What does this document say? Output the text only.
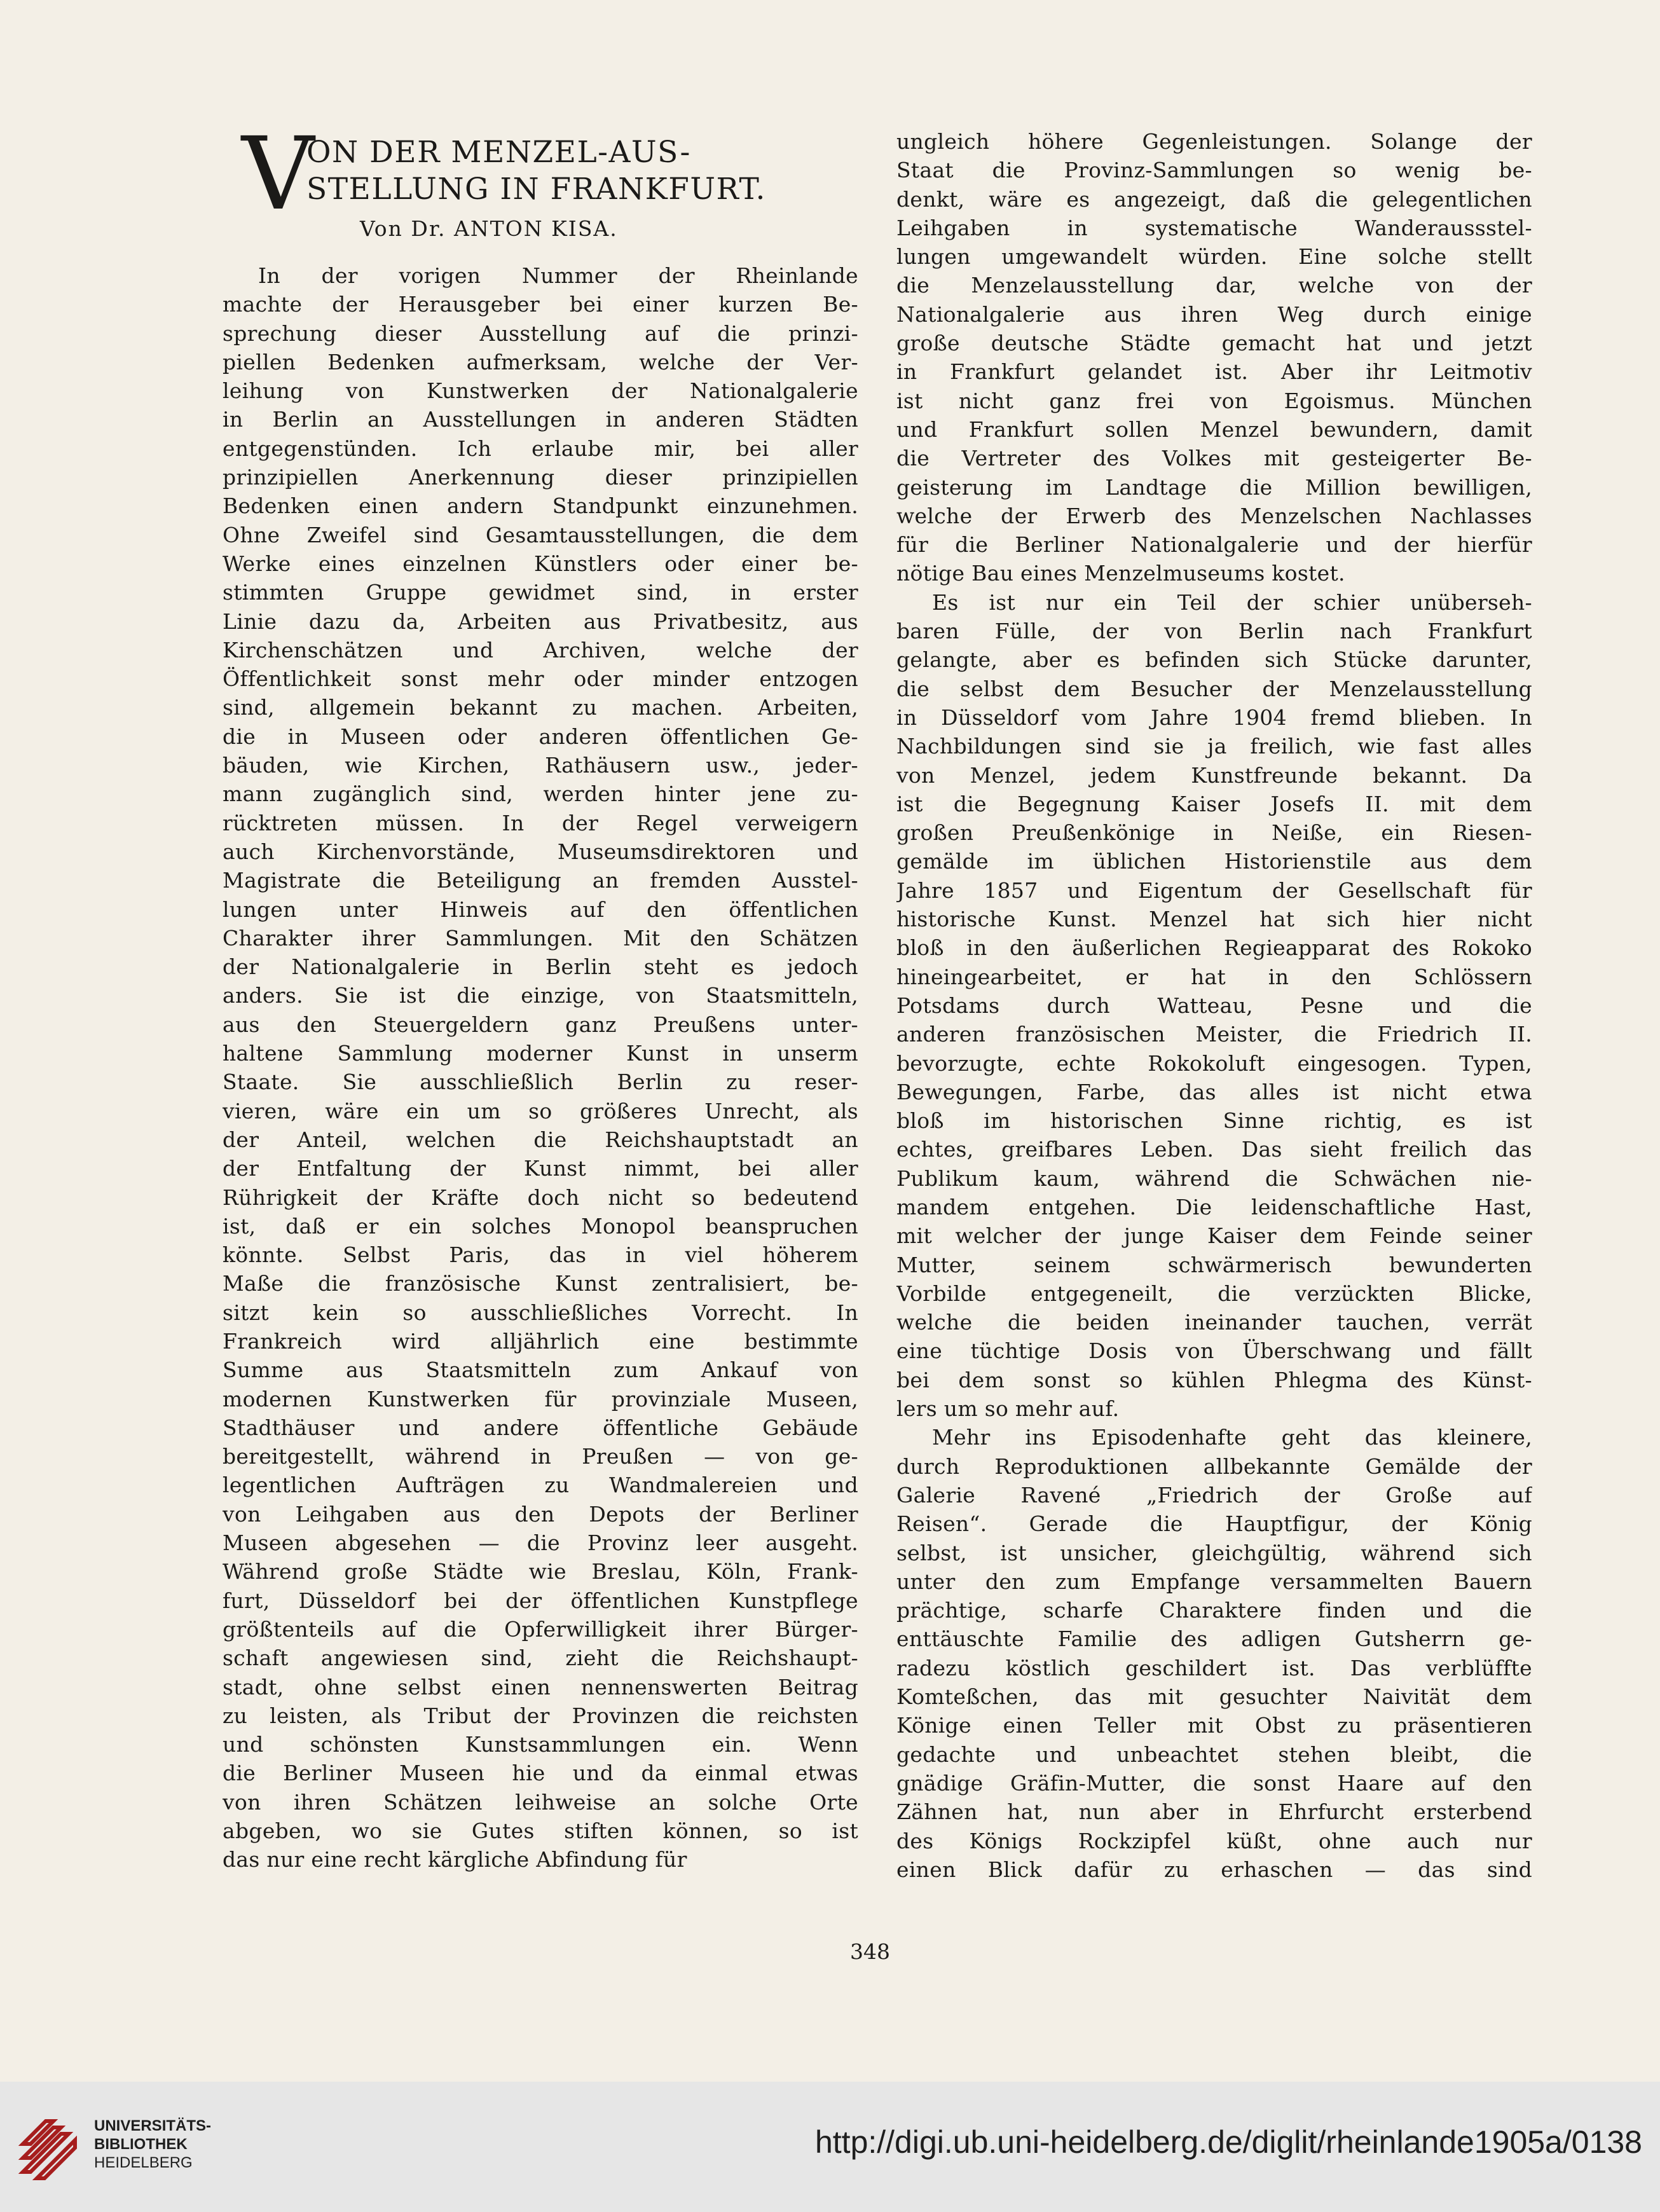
V
ON DER MENZEL-AUS-
STELLUNG IN FRANKFURT.
Von Dr. ANTON KISA.
In der vorigen Nummer der Rheinlande
machte der Herausgeber bei einer kurzen Be-
sprechung dieser Ausstellung auf die prinzi-
piellen Bedenken aufmerksam, welche der Ver-
leihung von Kunstwerken der Nationalgalerie
in Berlin an Ausstellungen in anderen Städten
entgegenstünden. Ich erlaube mir, bei aller
prinzipiellen Anerkennung dieser prinzipiellen
Bedenken einen andern Standpunkt einzunehmen.
Ohne Zweifel sind Gesamtausstellungen, die dem
Werke eines einzelnen Künstlers oder einer be-
stimmten Gruppe gewidmet sind, in erster
Linie dazu da, Arbeiten aus Privatbesitz, aus
Kirchenschätzen und Archiven, welche der
Öffentlichkeit sonst mehr oder minder entzogen
sind, allgemein bekannt zu machen. Arbeiten,
die in Museen oder anderen öffentlichen Ge-
bäuden, wie Kirchen, Rathäusern usw., jeder-
mann zugänglich sind, werden hinter jene zu-
rücktreten müssen. In der Regel verweigern
auch Kirchenvorstände, Museumsdirektoren und
Magistrate die Beteiligung an fremden Ausstel-
lungen unter Hinweis auf den öffentlichen
Charakter ihrer Sammlungen. Mit den Schätzen
der Nationalgalerie in Berlin steht es jedoch
anders. Sie ist die einzige, von Staatsmitteln,
aus den Steuergeldern ganz Preußens unter-
haltene Sammlung moderner Kunst in unserm
Staate. Sie ausschließlich Berlin zu reser-
vieren, wäre ein um so größeres Unrecht, als
der Anteil, welchen die Reichshauptstadt an
der Entfaltung der Kunst nimmt, bei aller
Rührigkeit der Kräfte doch nicht so bedeutend
ist, daß er ein solches Monopol beanspruchen
könnte. Selbst Paris, das in viel höherem
Maße die französische Kunst zentralisiert, be-
sitzt kein so ausschließliches Vorrecht. In
Frankreich wird alljährlich eine bestimmte
Summe aus Staatsmitteln zum Ankauf von
modernen Kunstwerken für provinziale Museen,
Stadthäuser und andere öffentliche Gebäude
bereitgestellt, während in Preußen — von ge-
legentlichen Aufträgen zu Wandmalereien und
von Leihgaben aus den Depots der Berliner
Museen abgesehen — die Provinz leer ausgeht.
Während große Städte wie Breslau, Köln, Frank-
furt, Düsseldorf bei der öffentlichen Kunstpflege
größtenteils auf die Opferwilligkeit ihrer Bürger-
schaft angewiesen sind, zieht die Reichshaupt-
stadt, ohne selbst einen nennenswerten Beitrag
zu leisten, als Tribut der Provinzen die reichsten
und schönsten Kunstsammlungen ein. Wenn
die Berliner Museen hie und da einmal etwas
von ihren Schätzen leihweise an solche Orte
abgeben, wo sie Gutes stiften können, so ist
das nur eine recht kärgliche Abfindung für
ungleich höhere Gegenleistungen. Solange der
Staat die Provinz-Sammlungen so wenig be-
denkt, wäre es angezeigt, daß die gelegentlichen
Leihgaben in systematische Wanderaussstel-
lungen umgewandelt würden. Eine solche stellt
die Menzelausstellung dar, welche von der
Nationalgalerie aus ihren Weg durch einige
große deutsche Städte gemacht hat und jetzt
in Frankfurt gelandet ist. Aber ihr Leitmotiv
ist nicht ganz frei von Egoismus. München
und Frankfurt sollen Menzel bewundern, damit
die Vertreter des Volkes mit gesteigerter Be-
geisterung im Landtage die Million bewilligen,
welche der Erwerb des Menzelschen Nachlasses
für die Berliner Nationalgalerie und der hierfür
nötige Bau eines Menzelmuseums kostet.
Es ist nur ein Teil der schier unüberseh-
baren Fülle, der von Berlin nach Frankfurt
gelangte, aber es befinden sich Stücke darunter,
die selbst dem Besucher der Menzelausstellung
in Düsseldorf vom Jahre 1904 fremd blieben. In
Nachbildungen sind sie ja freilich, wie fast alles
von Menzel, jedem Kunstfreunde bekannt. Da
ist die Begegnung Kaiser Josefs II. mit dem
großen Preußenkönige in Neiße, ein Riesen-
gemälde im üblichen Historienstile aus dem
Jahre 1857 und Eigentum der Gesellschaft für
historische Kunst. Menzel hat sich hier nicht
bloß in den äußerlichen Regieapparat des Rokoko
hineingearbeitet, er hat in den Schlössern
Potsdams durch Watteau, Pesne und die
anderen französischen Meister, die Friedrich II.
bevorzugte, echte Rokokoluft eingesogen. Typen,
Bewegungen, Farbe, das alles ist nicht etwa
bloß im historischen Sinne richtig, es ist
echtes, greifbares Leben. Das sieht freilich das
Publikum kaum, während die Schwächen nie-
mandem entgehen. Die leidenschaftliche Hast,
mit welcher der junge Kaiser dem Feinde seiner
Mutter, seinem schwärmerisch bewunderten
Vorbilde entgegeneilt, die verzückten Blicke,
welche die beiden ineinander tauchen, verrät
eine tüchtige Dosis von Überschwang und fällt
bei dem sonst so kühlen Phlegma des Künst-
lers um so mehr auf.
Mehr ins Episodenhafte geht das kleinere,
durch Reproduktionen allbekannte Gemälde der
Galerie Ravené „Friedrich der Große auf
Reisen“. Gerade die Hauptfigur, der König
selbst, ist unsicher, gleichgültig, während sich
unter den zum Empfange versammelten Bauern
prächtige, scharfe Charaktere finden und die
enttäuschte Familie des adligen Gutsherrn ge-
radezu köstlich geschildert ist. Das verblüffte
Komteßchen, das mit gesuchter Naivität dem
Könige einen Teller mit Obst zu präsentieren
gedachte und unbeachtet stehen bleibt, die
gnädige Gräfin-Mutter, die sonst Haare auf den
Zähnen hat, nun aber in Ehrfurcht ersterbend
des Königs Rockzipfel küßt, ohne auch nur
einen Blick dafür zu erhaschen — das sind
348
UNIVERSITÄTS-
BIBLIOTHEK
HEIDELBERG
http://digi.ub.uni-heidelberg.de/diglit/rheinlande1905a/0138
